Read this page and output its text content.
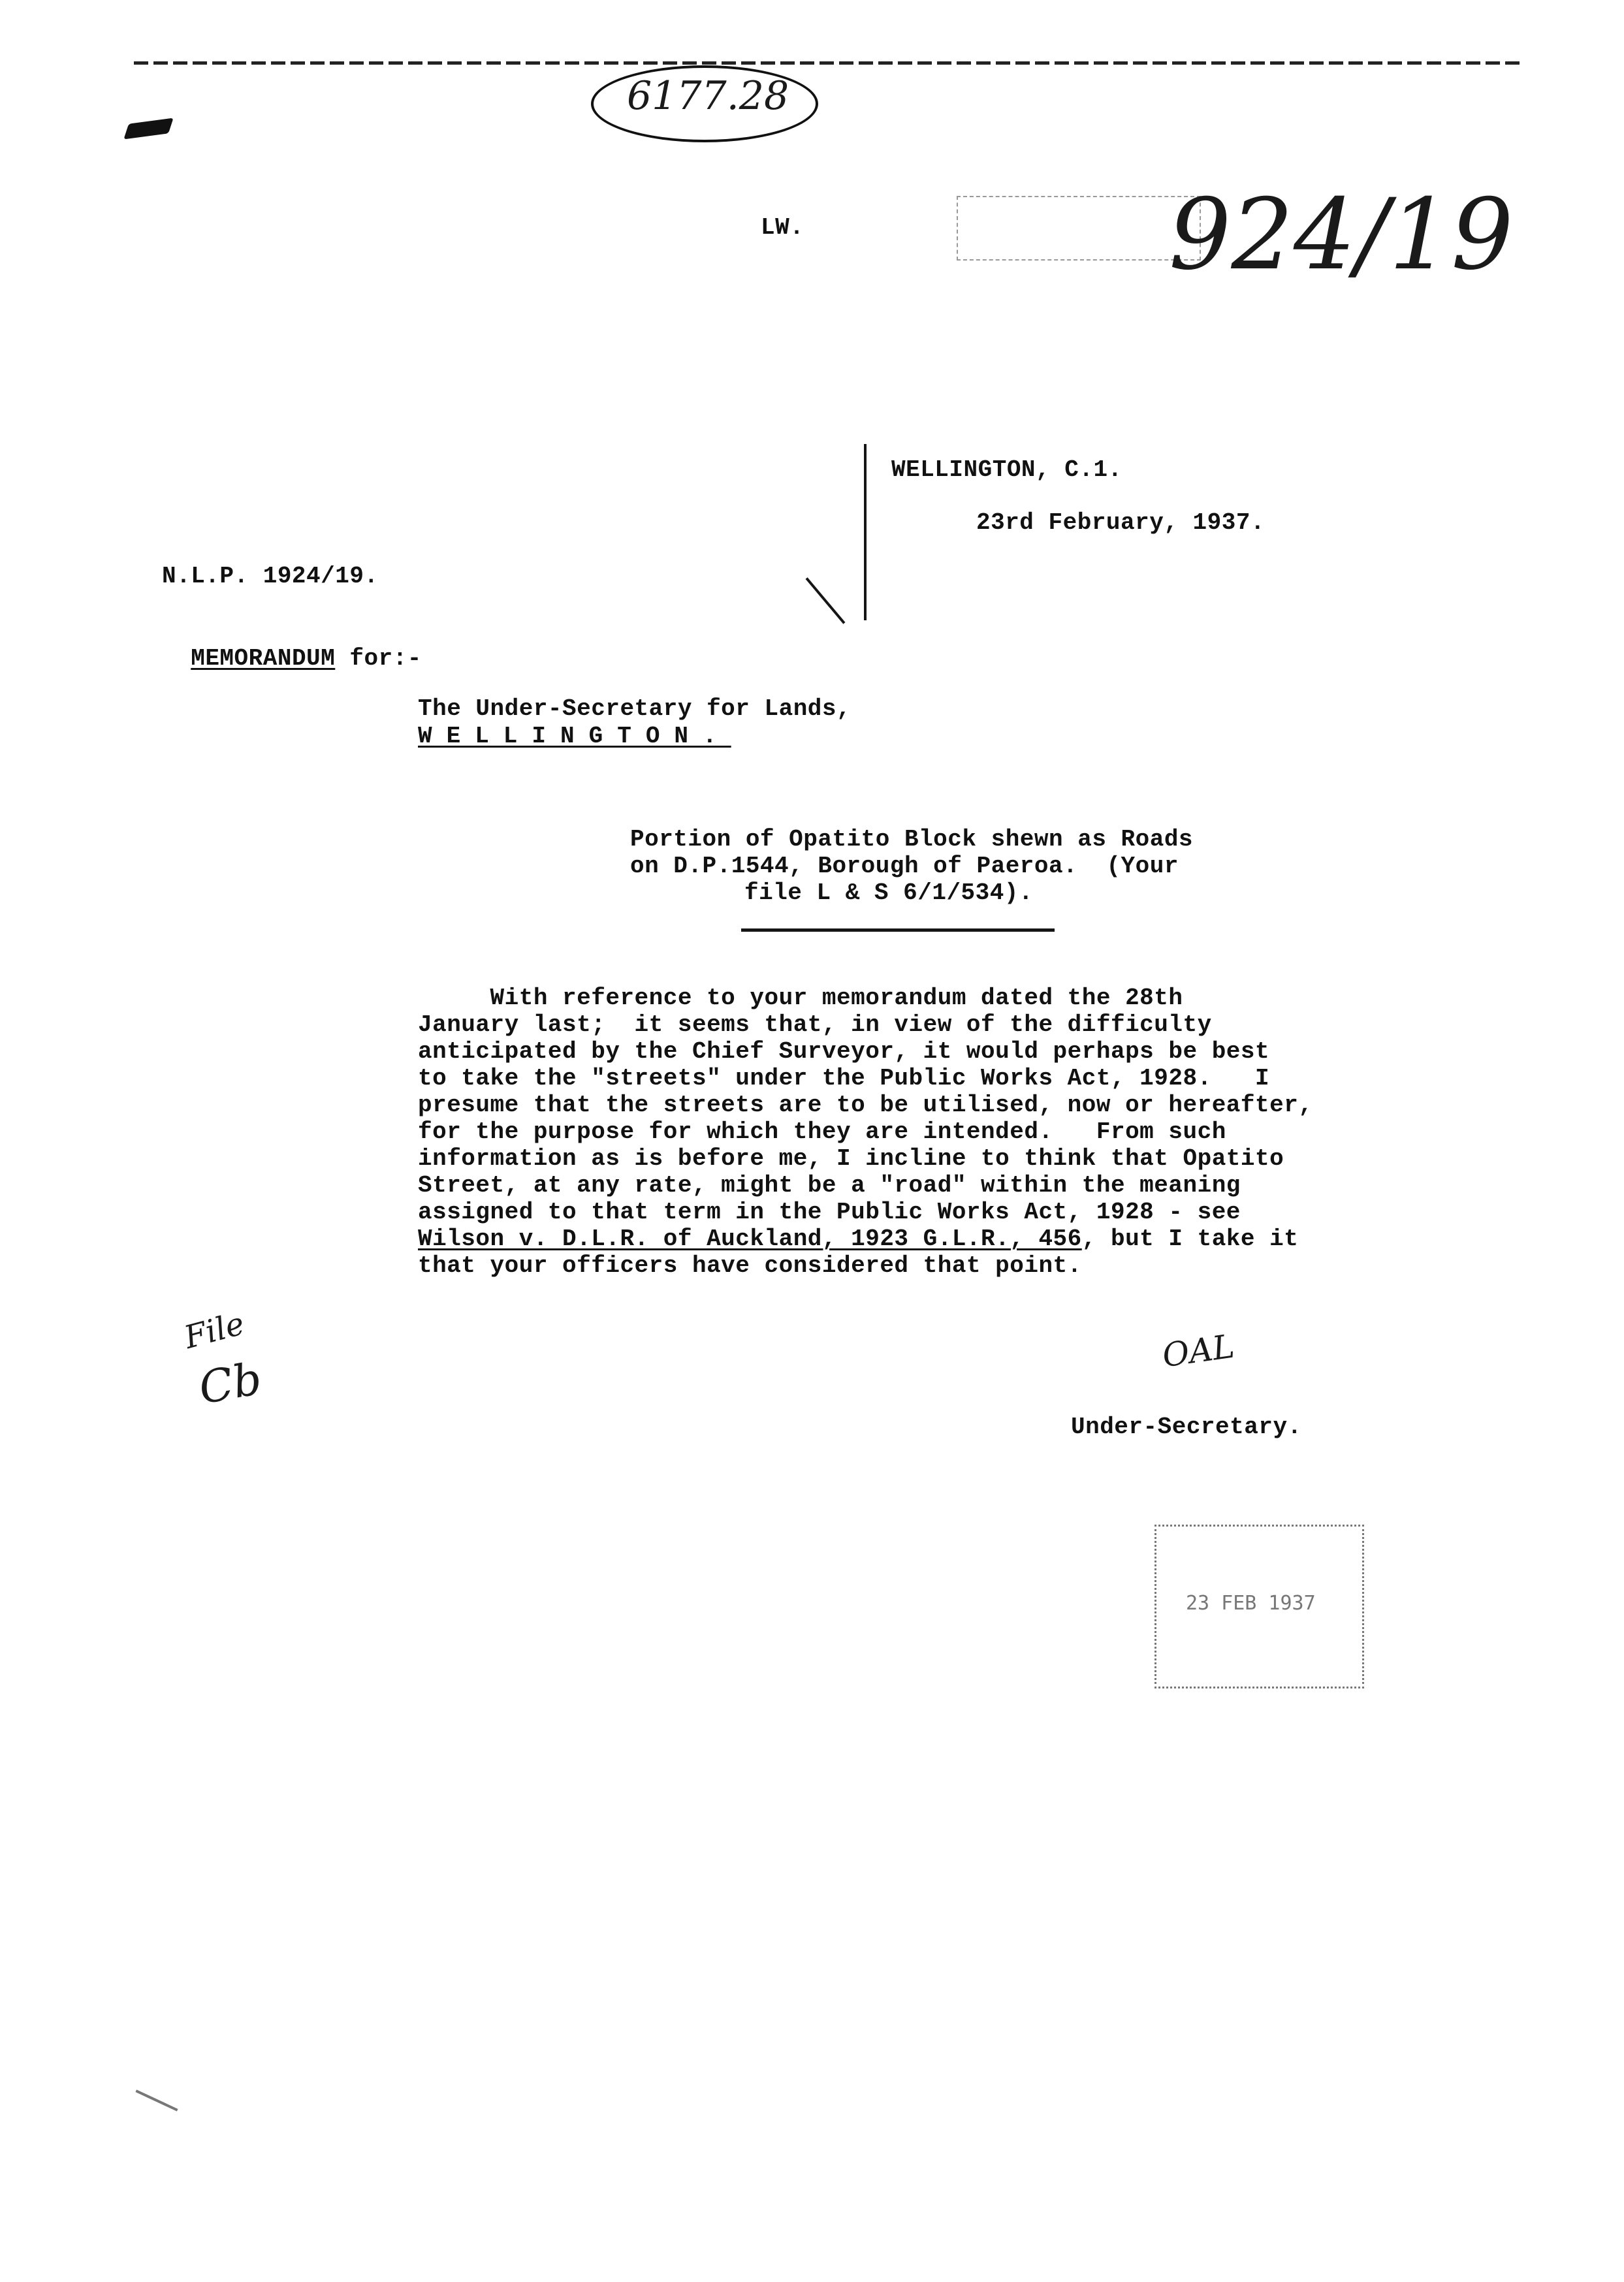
6177.28
LW.	924/19
WELLINGTON, C.1.
23rd February, 1937.
N.L.P. 1924/19.

MEMORANDUM for:-

The Under-Secretary for Lands,
WELLINGTON.
Portion of Opatito Block shewn as Roads
on D.P.1544, Borough of Paeroa.  (Your
file L & S 6/1/534).
With reference to your memorandum dated the 28th
January last;  it seems that, in view of the difficulty
anticipated by the Chief Surveyor, it would perhaps be best
to take the "streets" under the Public Works Act, 1928.   I
presume that the streets are to be utilised, now or hereafter,
for the purpose for which they are intended.   From such
information as is before me, I incline to think that Opatito
Street, at any rate, might be a "road" within the meaning
assigned to that term in the Public Works Act, 1928 - see
Wilson v. D.L.R. of Auckland, 1923 G.L.R., 456, but I take it
that your officers have considered that point.
File
Cb
OAL
Under-Secretary.
23 FEB 1937
